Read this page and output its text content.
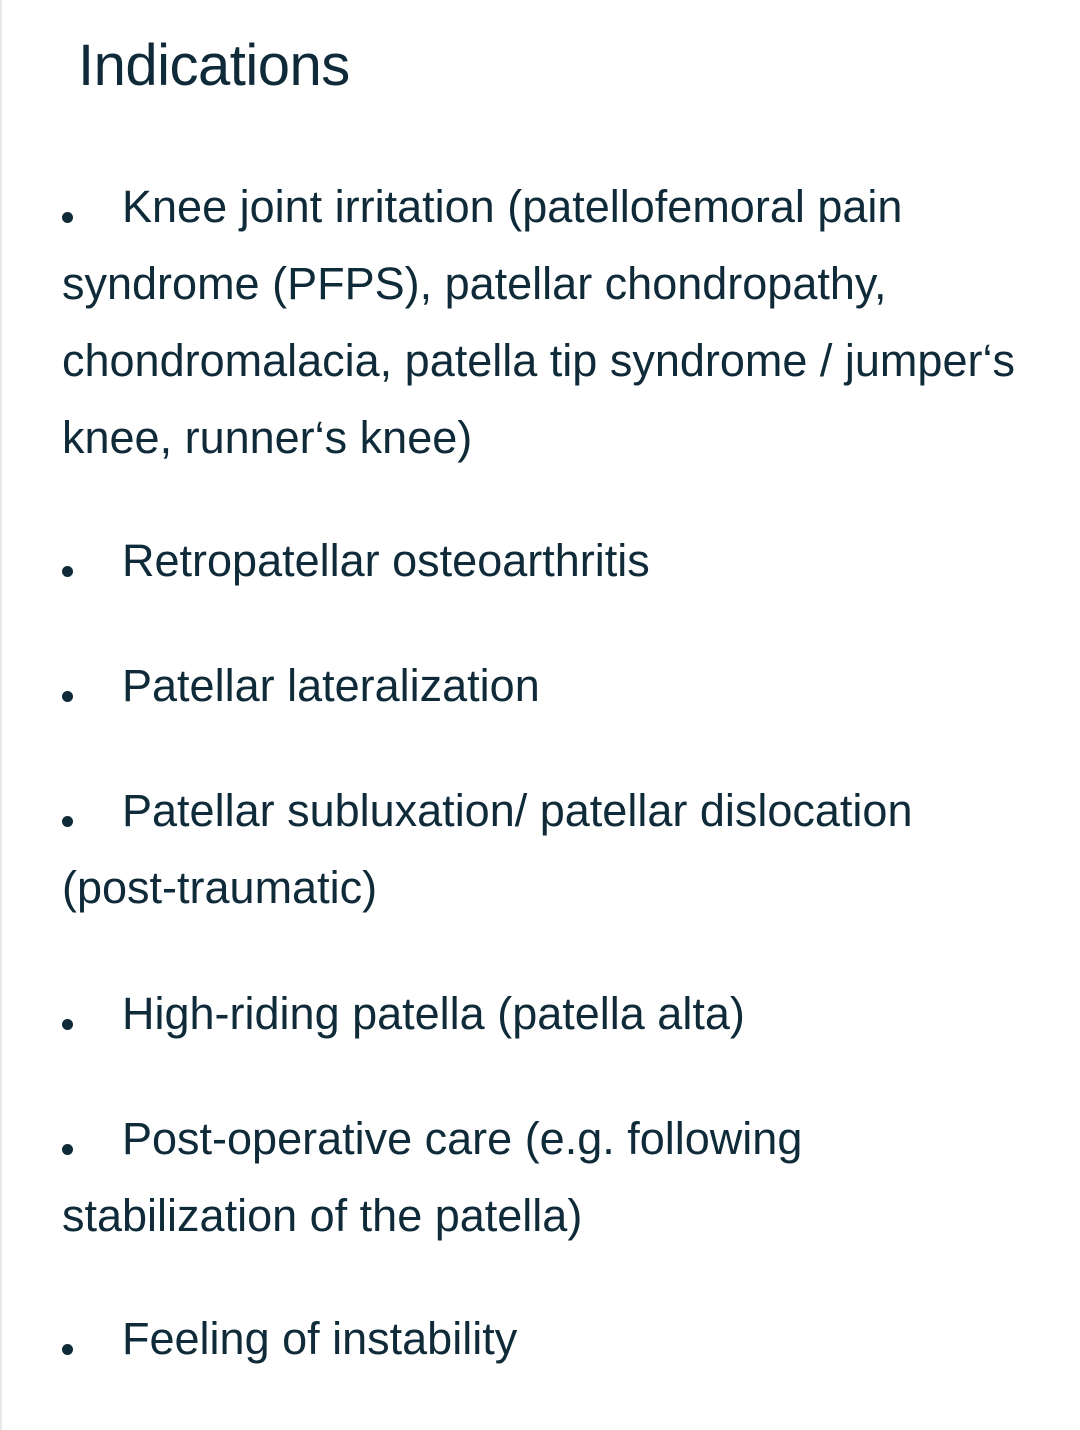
Indications

Knee joint irritation (patellofemoral pain syndrome (PFPS), patellar chondropathy, chondromalacia, patella tip syndrome / jumper‘s knee, runner‘s knee)

Retropatellar osteoarthritis

Patellar lateralization

Patellar subluxation/ patellar dislocation (post-traumatic)

High-riding patella (patella alta)

Post-operative care (e.g. following stabilization of the patella)

Feeling of instability
